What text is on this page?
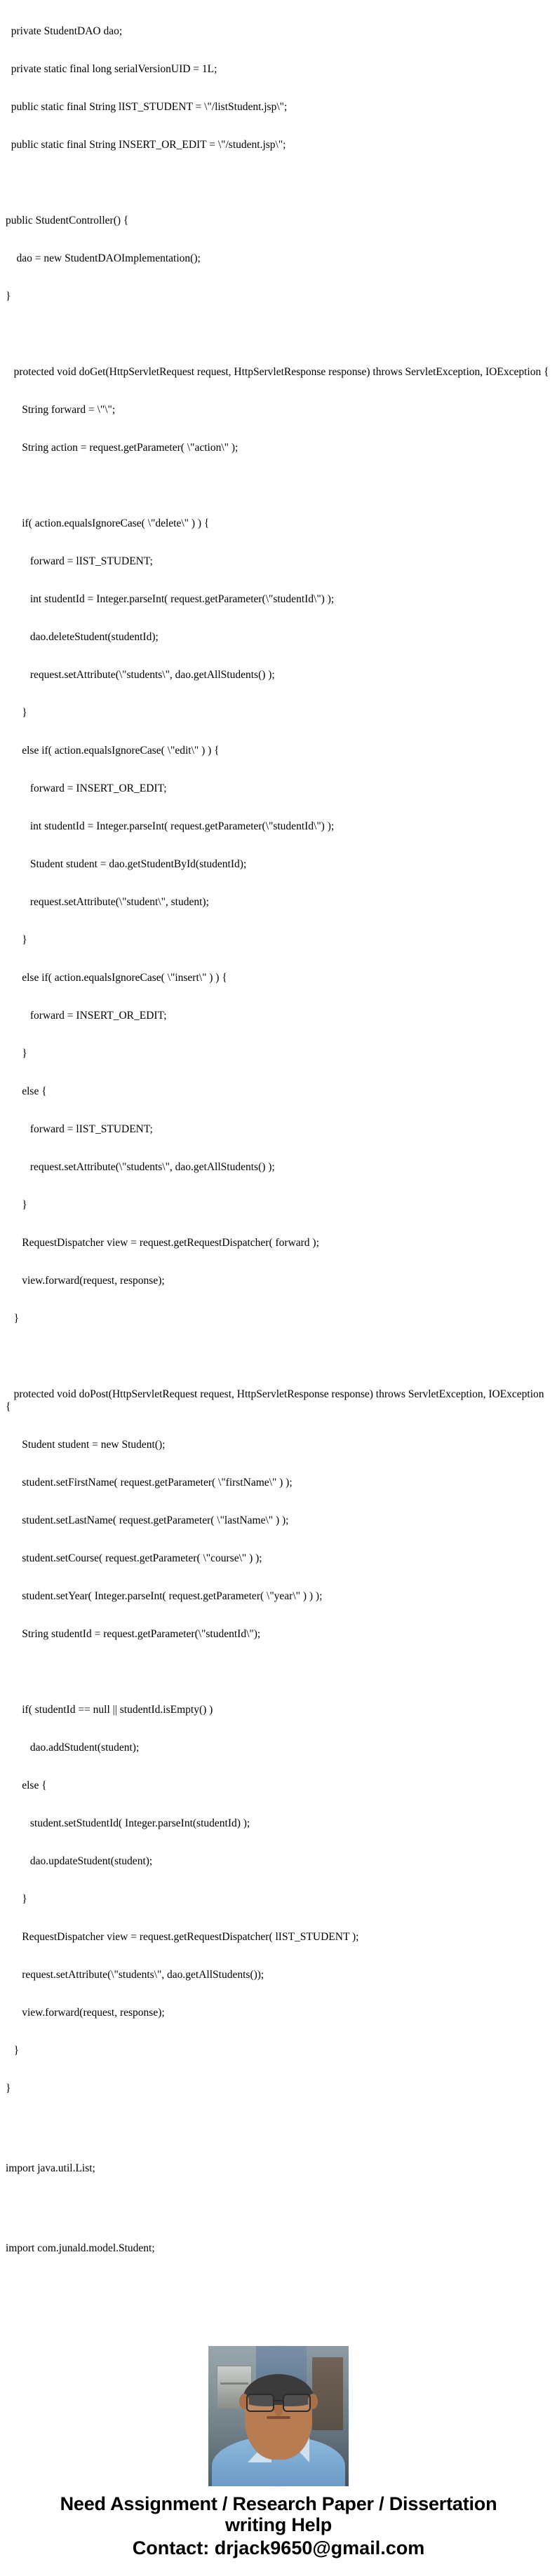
private StudentDAO dao;

private static final long serialVersionUID = 1L;

public static final String lIST_STUDENT = \"/listStudent.jsp\";

public static final String INSERT_OR_EDIT = \"/student.jsp\";

public StudentController() {

dao = new StudentDAOImplementation();

}

protected void doGet(HttpServletRequest request, HttpServletResponse response) throws ServletException, IOException {

String forward = \"\";

String action = request.getParameter( \"action\" );

if( action.equalsIgnoreCase( \"delete\" ) ) {

forward = lIST_STUDENT;

int studentId = Integer.parseInt( request.getParameter(\"studentId\") );

dao.deleteStudent(studentId);

request.setAttribute(\"students\", dao.getAllStudents() );

}

else if( action.equalsIgnoreCase( \"edit\" ) ) {

forward = INSERT_OR_EDIT;

int studentId = Integer.parseInt( request.getParameter(\"studentId\") );

Student student = dao.getStudentById(studentId);

request.setAttribute(\"student\", student);

}

else if( action.equalsIgnoreCase( \"insert\" ) ) {

forward = INSERT_OR_EDIT;

}

else {

forward = lIST_STUDENT;

request.setAttribute(\"students\", dao.getAllStudents() );

}

RequestDispatcher view = request.getRequestDispatcher( forward );

view.forward(request, response);

}

protected void doPost(HttpServletRequest request, HttpServletResponse response) throws ServletException, IOException {

Student student = new Student();

student.setFirstName( request.getParameter( \"firstName\" ) );

student.setLastName( request.getParameter( \"lastName\" ) );

student.setCourse( request.getParameter( \"course\" ) );

student.setYear( Integer.parseInt( request.getParameter( \"year\" ) ) );

String studentId = request.getParameter(\"studentId\");

if( studentId == null || studentId.isEmpty() )

dao.addStudent(student);

else {

student.setStudentId( Integer.parseInt(studentId) );

dao.updateStudent(student);

}

RequestDispatcher view = request.getRequestDispatcher( lIST_STUDENT );

request.setAttribute(\"students\", dao.getAllStudents());

view.forward(request, response);

}

}

import java.util.List;

import com.junald.model.Student;

Need Assignment / Research Paper / Dissertation
writing Help
Contact: drjack9650@gmail.com
